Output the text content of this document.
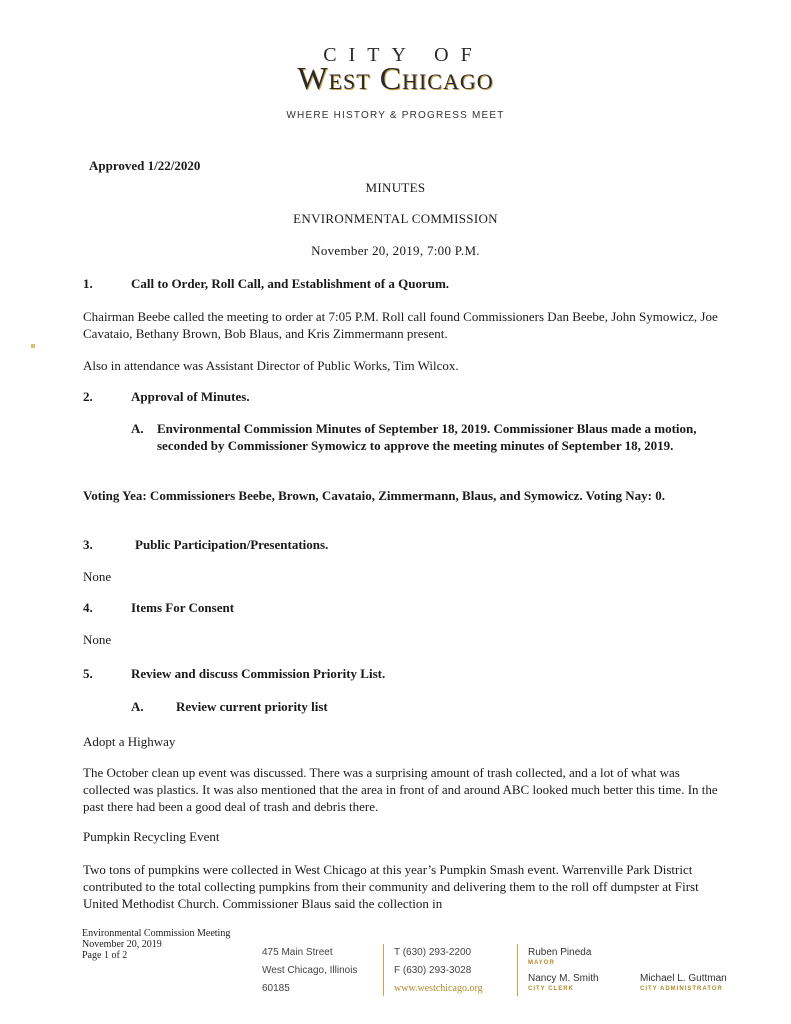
CITY OF
West Chicago
WHERE HISTORY & PROGRESS MEET
Approved 1/22/2020
MINUTES
ENVIRONMENTAL COMMISSION
November 20, 2019, 7:00 P.M.
1.	Call to Order, Roll Call, and Establishment of a Quorum.
Chairman Beebe called the meeting to order at 7:05 P.M. Roll call found Commissioners Dan Beebe, John Symowicz, Joe Cavataio, Bethany Brown, Bob Blaus, and Kris Zimmermann present.
Also in attendance was Assistant Director of Public Works, Tim Wilcox.
2.	Approval of Minutes.
A. Environmental Commission Minutes of September 18, 2019. Commissioner Blaus made a motion, seconded by Commissioner Symowicz to approve the meeting minutes of September 18, 2019.
Voting Yea: Commissioners Beebe, Brown, Cavataio, Zimmermann, Blaus, and Symowicz. Voting Nay: 0.
3.	Public Participation/Presentations.
None
4.	Items For Consent
None
5.	Review and discuss Commission Priority List.
A. Review current priority list
Adopt a Highway
The October clean up event was discussed. There was a surprising amount of trash collected, and a lot of what was collected was plastics. It was also mentioned that the area in front of and around ABC looked much better this time. In the past there had been a good deal of trash and debris there.
Pumpkin Recycling Event
Two tons of pumpkins were collected in West Chicago at this year’s Pumpkin Smash event. Warrenville Park District contributed to the total collecting pumpkins from their community and delivering them to the roll off dumpster at First United Methodist Church. Commissioner Blaus said the collection in
Environmental Commission Meeting
November 20, 2019
Page 1 of 2	475 Main Street
West Chicago, Illinois
60185
T (630) 293-2200
F (630) 293-3028
www.westchicago.org
Ruben Pineda
MAYOR
Nancy M. Smith
CITY CLERK
Michael L. Guttman
CITY ADMINISTRATOR
